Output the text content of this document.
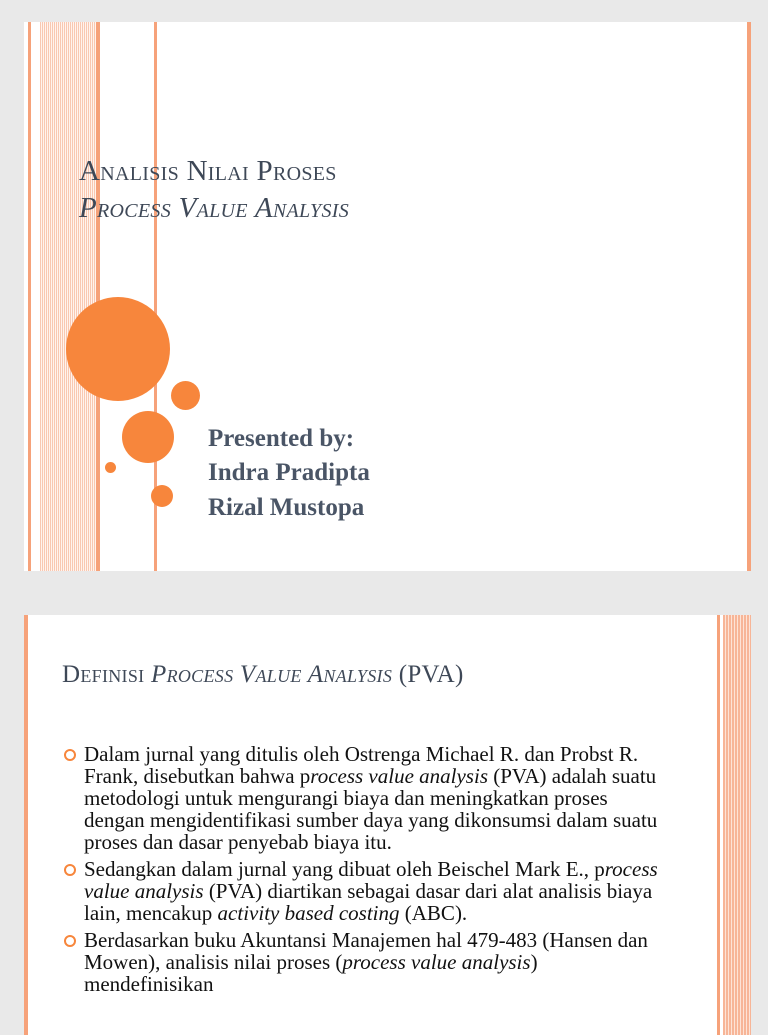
Analisis Nilai Proses
Process Value Analysis

Presented by:

Indra Pradipta

Rizal Mustopa

Definisi Process Value Analysis (PVA)
Dalam jurnal yang ditulis oleh Ostrenga Michael R. dan Probst R. Frank, disebutkan bahwa process value analysis (PVA) adalah suatu metodologi untuk mengurangi biaya dan meningkatkan proses dengan mengidentifikasi sumber daya yang dikonsumsi dalam suatu proses dan dasar penyebab biaya itu.
Sedangkan dalam jurnal yang dibuat oleh Beischel Mark E., process value analysis (PVA) diartikan sebagai dasar dari alat analisis biaya lain, mencakup activity based costing (ABC).
Berdasarkan buku Akuntansi Manajemen hal 479-483 (Hansen dan Mowen), analisis nilai proses (process value analysis) mendefinisikan
